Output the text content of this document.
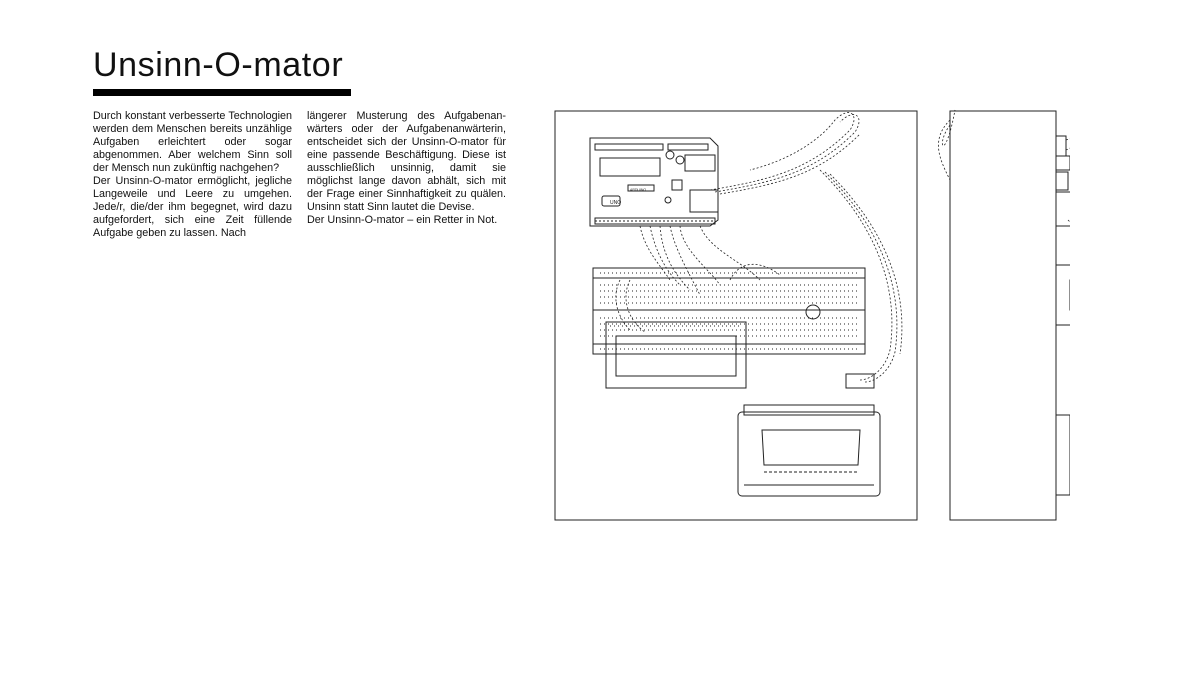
Unsinn-O-mator

Durch konstant verbesserte Technologien werden dem Menschen bereits unzählige Aufgaben erleichtert oder sogar abgenommen. Aber welchem Sinn soll der Mensch nun zukünftig nachgehen?

Der Unsinn-O-mator ermöglicht, jegliche Langeweile und Leere zu umgehen. Jede/r, die/der ihm begegnet, wird dazu aufgefordert, sich eine Zeit füllende Aufgabe geben zu lassen. Nach

längerer Musterung des Aufgabenanwärters oder der Aufgabenanwärterin, entscheidet sich der Unsinn-O-mator für eine passende Beschäftigung. Diese ist ausschließlich unsinnig, damit sie möglichst lange davon abhält, sich mit der Frage einer Sinnhaftigkeit zu quälen. Unsinn statt Sinn lautet die Devise.

Der Unsinn-O-mator – ein Retter in Not.

UNO
ARDUINO
